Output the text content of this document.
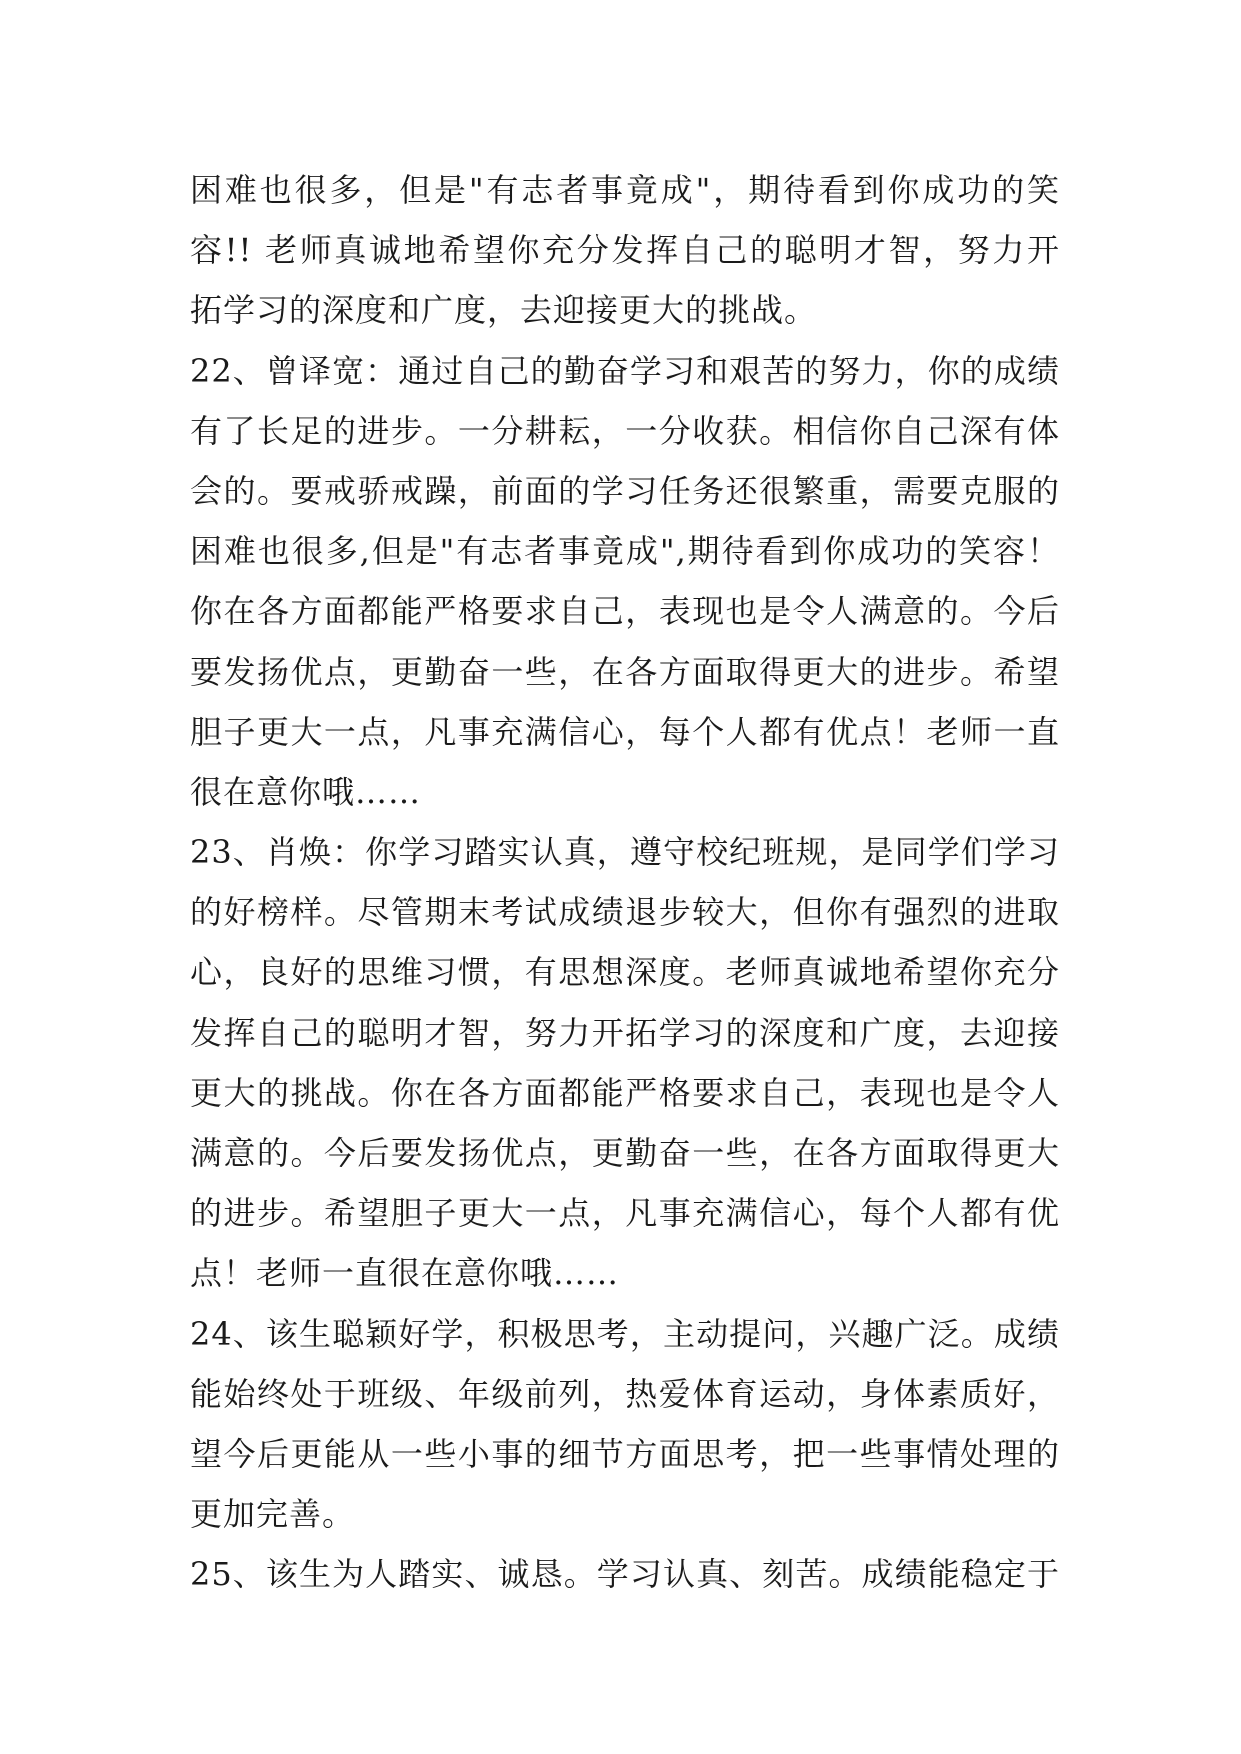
困难也很多，但是"有志者事竟成"，期待看到你成功的笑
容!! 老师真诚地希望你充分发挥自己的聪明才智，努力开
拓学习的深度和广度，去迎接更大的挑战。
22、曾译宽：通过自己的勤奋学习和艰苦的努力，你的成绩
有了长足的进步。一分耕耘，一分收获。相信你自己深有体
会的。要戒骄戒躁，前面的学习任务还很繁重，需要克服的
困难也很多,但是"有志者事竟成",期待看到你成功的笑容！
你在各方面都能严格要求自己，表现也是令人满意的。今后
要发扬优点，更勤奋一些，在各方面取得更大的进步。希望
胆子更大一点，凡事充满信心，每个人都有优点！老师一直
很在意你哦……
23、肖焕：你学习踏实认真，遵守校纪班规，是同学们学习
的好榜样。尽管期末考试成绩退步较大，但你有强烈的进取
心，良好的思维习惯，有思想深度。老师真诚地希望你充分
发挥自己的聪明才智，努力开拓学习的深度和广度，去迎接
更大的挑战。你在各方面都能严格要求自己，表现也是令人
满意的。今后要发扬优点，更勤奋一些，在各方面取得更大
的进步。希望胆子更大一点，凡事充满信心，每个人都有优
点！老师一直很在意你哦……
24、该生聪颖好学，积极思考，主动提问，兴趣广泛。成绩
能始终处于班级、年级前列，热爱体育运动，身体素质好，
望今后更能从一些小事的细节方面思考，把一些事情处理的
更加完善。
25、该生为人踏实、诚恳。学习认真、刻苦。成绩能稳定于
